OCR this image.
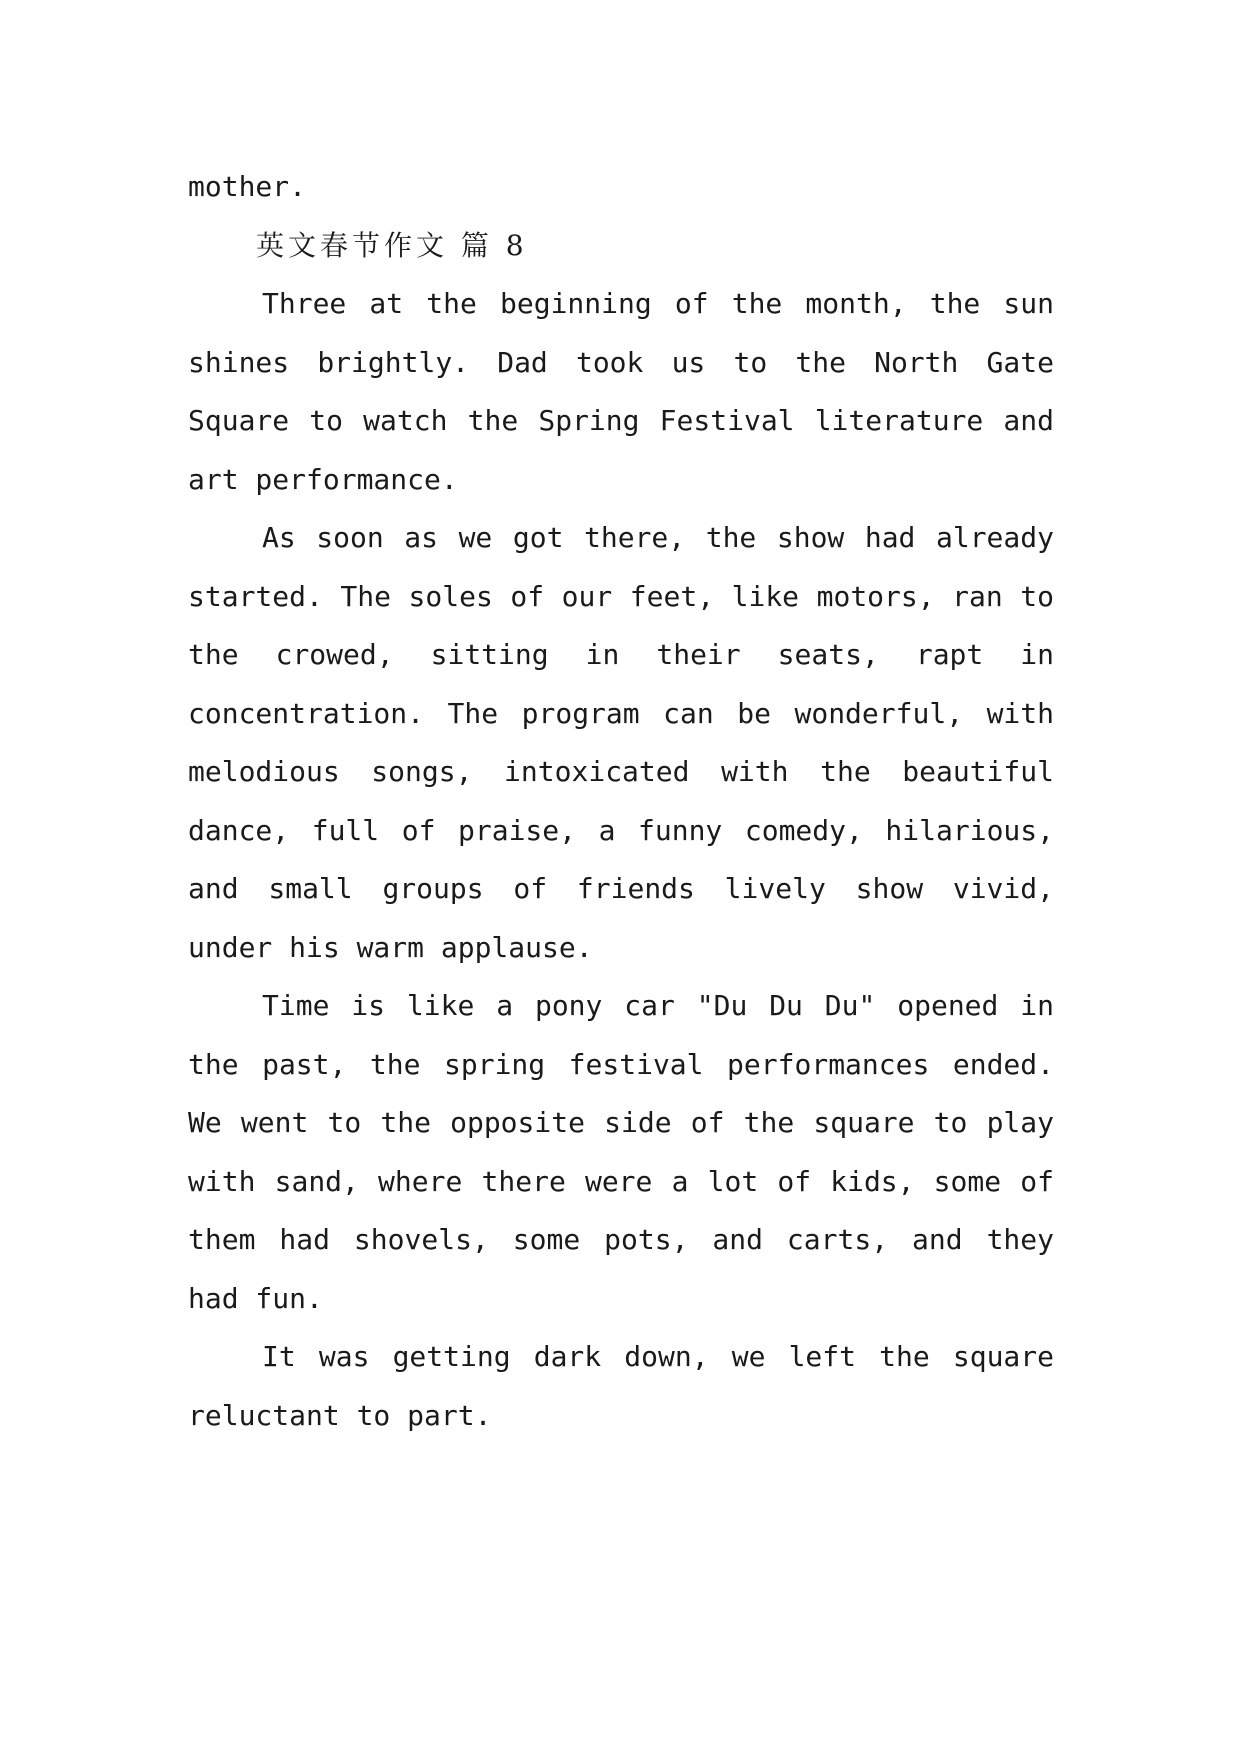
mother.
英文春节作文 篇 8
Three at the beginning of the month, the sun
shines brightly. Dad took us to the North Gate
Square to watch the Spring Festival literature and
art performance.
As soon as we got there, the show had already
started. The soles of our feet, like motors, ran to
the crowed, sitting in their seats, rapt in
concentration. The program can be wonderful, with
melodious songs, intoxicated with the beautiful
dance, full of praise, a funny comedy, hilarious,
and small groups of friends lively show vivid,
under his warm applause.
Time is like a pony car "Du Du Du" opened in
the past, the spring festival performances ended.
We went to the opposite side of the square to play
with sand, where there were a lot of kids, some of
them had shovels, some pots, and carts, and they
had fun.
It was getting dark down, we left the square
reluctant to part.
